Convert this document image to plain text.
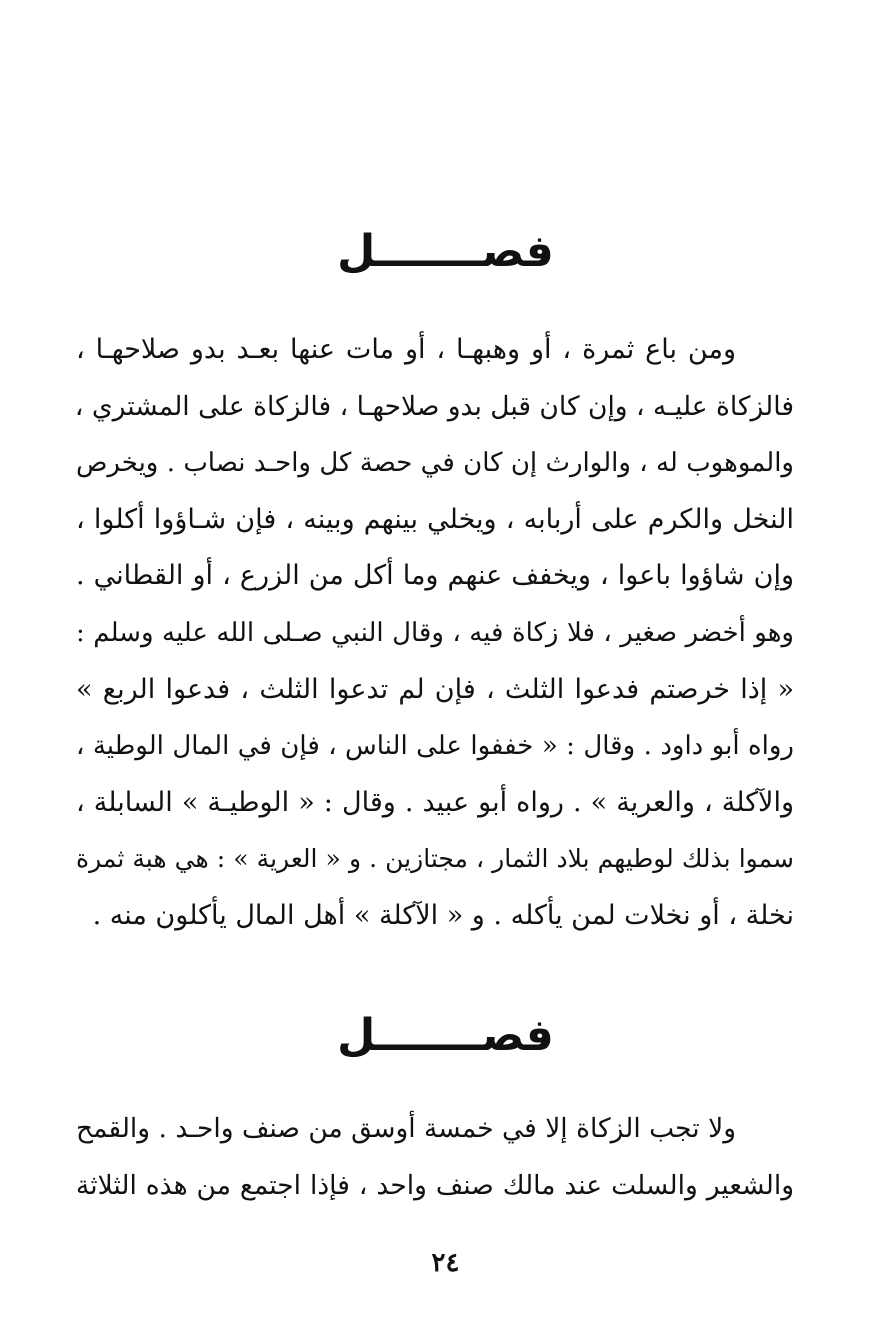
فصـــــــل
ومن باع ثمرة ، أو وهبهـا ، أو مات عنها بعـد بدو صلاحهـا ،
فالزكاة عليـه ، وإن كان قبل بدو صلاحهـا ، فالزكاة على المشتري ،
والموهوب له ، والوارث إن كان في حصة كل واحـد نصاب . ويخرص
النخل والكرم على أربابه ، ويخلي بينهم وبينه ، فإن شـاؤوا أكلوا ،
وإن شاؤوا باعوا ، ويخفف عنهم وما أكل من الزرع ، أو القطاني .
وهو أخضر صغير ، فلا زكاة فيه ، وقال النبي صـلى الله عليه وسلم :
« إذا خرصتم فدعوا الثلث ، فإن لم تدعوا الثلث ، فدعوا الربع »
رواه أبو داود . وقال : « خففوا على الناس ، فإن في المال الوطية ،
والآكلة ، والعرية » . رواه أبو عبيد . وقال : « الوطيـة » السابلة ،
سموا بذلك لوطيهم بلاد الثمار ، مجتازين . و « العرية » : هي هبة ثمرة
نخلة ، أو نخلات لمن يأكله . و « الآكلة » أهل المال يأكلون منه .
فصـــــــل
ولا تجب الزكاة إلا في خمسة أوسق من صنف واحـد . والقمح
والشعير والسلت عند مالك صنف واحد ، فإذا اجتمع من هذه الثلاثة
٢٤
